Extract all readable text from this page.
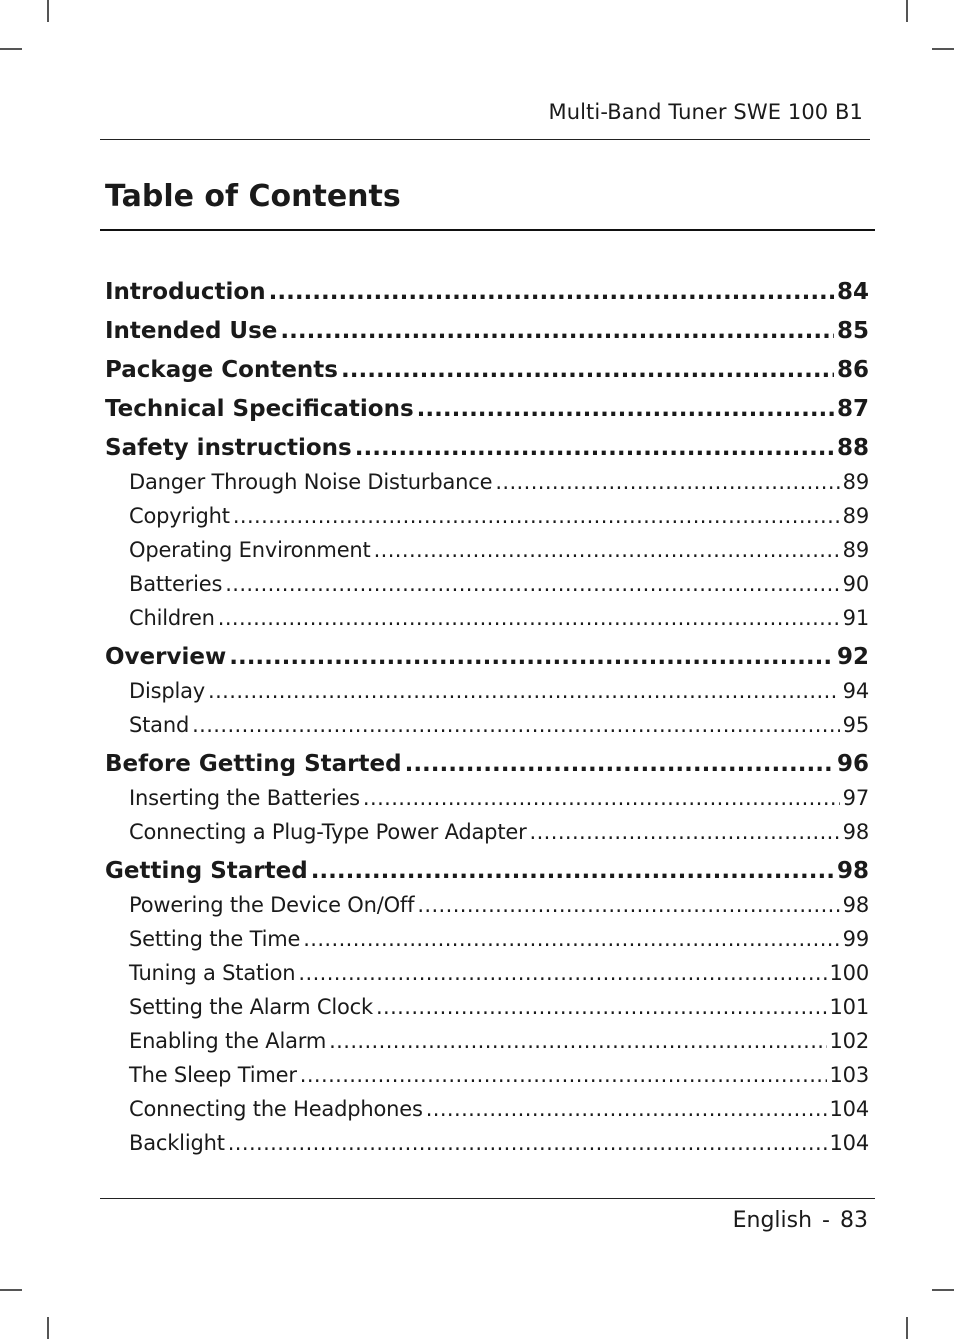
Multi-Band Tuner SWE 100 B1
Table of Contents
Introduction .....	84
Intended Use .....	85
Package Contents .....	86
Technical Specifications .....	87
Safety instructions .....	88
Danger Through Noise Disturbance .....	89
Copyright .....	89
Operating Environment .....	89
Batteries .....	90
Children .....	91
Overview .....	92
Display .....	94
Stand .....	95
Before Getting Started .....	96
Inserting the Batteries .....	97
Connecting a Plug-Type Power Adapter .....	98
Getting Started .....	98
Powering the Device On/Off .....	98
Setting the Time .....	99
Tuning a Station .....	100
Setting the Alarm Clock .....	101
Enabling the Alarm .....	102
The Sleep Timer .....	103
Connecting the Headphones .....	104
Backlight .....	104
English - 83
